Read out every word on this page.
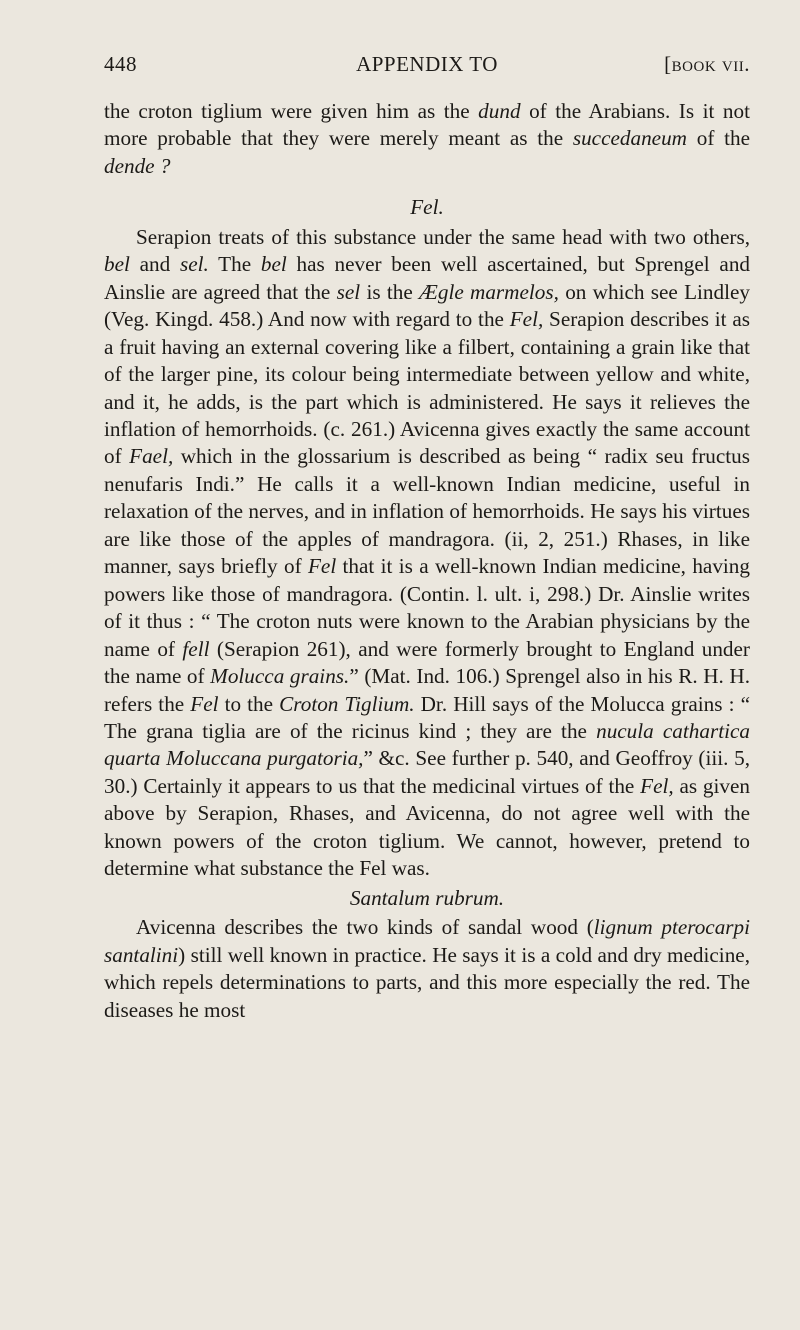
448	APPENDIX TO	[book vii.

the croton tiglium were given him as the dund of the Arabians. Is it not more probable that they were merely meant as the succedaneum of the dende ?

Fel.

Serapion treats of this substance under the same head with two others, bel and sel. The bel has never been well ascertained, but Sprengel and Ainslie are agreed that the sel is the Ægle marmelos, on which see Lindley (Veg. Kingd. 458.) And now with regard to the Fel, Serapion describes it as a fruit having an external covering like a filbert, containing a grain like that of the larger pine, its colour being intermediate between yellow and white, and it, he adds, is the part which is administered. He says it relieves the inflation of hemorrhoids. (c. 261.) Avicenna gives exactly the same account of Fael, which in the glossarium is described as being “ radix seu fructus nenufaris Indi.” He calls it a well-known Indian medicine, useful in relaxation of the nerves, and in inflation of hemorrhoids. He says his virtues are like those of the apples of mandragora. (ii, 2, 251.) Rhases, in like manner, says briefly of Fel that it is a well-known Indian medicine, having powers like those of mandragora. (Contin. l. ult. i, 298.) Dr. Ainslie writes of it thus : “ The croton nuts were known to the Arabian physicians by the name of fell (Serapion 261), and were formerly brought to England under the name of Molucca grains.” (Mat. Ind. 106.) Sprengel also in his R. H. H. refers the Fel to the Croton Tiglium. Dr. Hill says of the Molucca grains : “ The grana tiglia are of the ricinus kind ; they are the nucula cathartica quarta Moluccana purgatoria,” &c. See further p. 540, and Geoffroy (iii. 5, 30.) Certainly it appears to us that the medicinal virtues of the Fel, as given above by Serapion, Rhases, and Avicenna, do not agree well with the known powers of the croton tiglium. We cannot, however, pretend to determine what substance the Fel was.

Santalum rubrum.

Avicenna describes the two kinds of sandal wood (lignum pterocarpi santalini) still well known in practice. He says it is a cold and dry medicine, which repels determinations to parts, and this more especially the red. The diseases he most
